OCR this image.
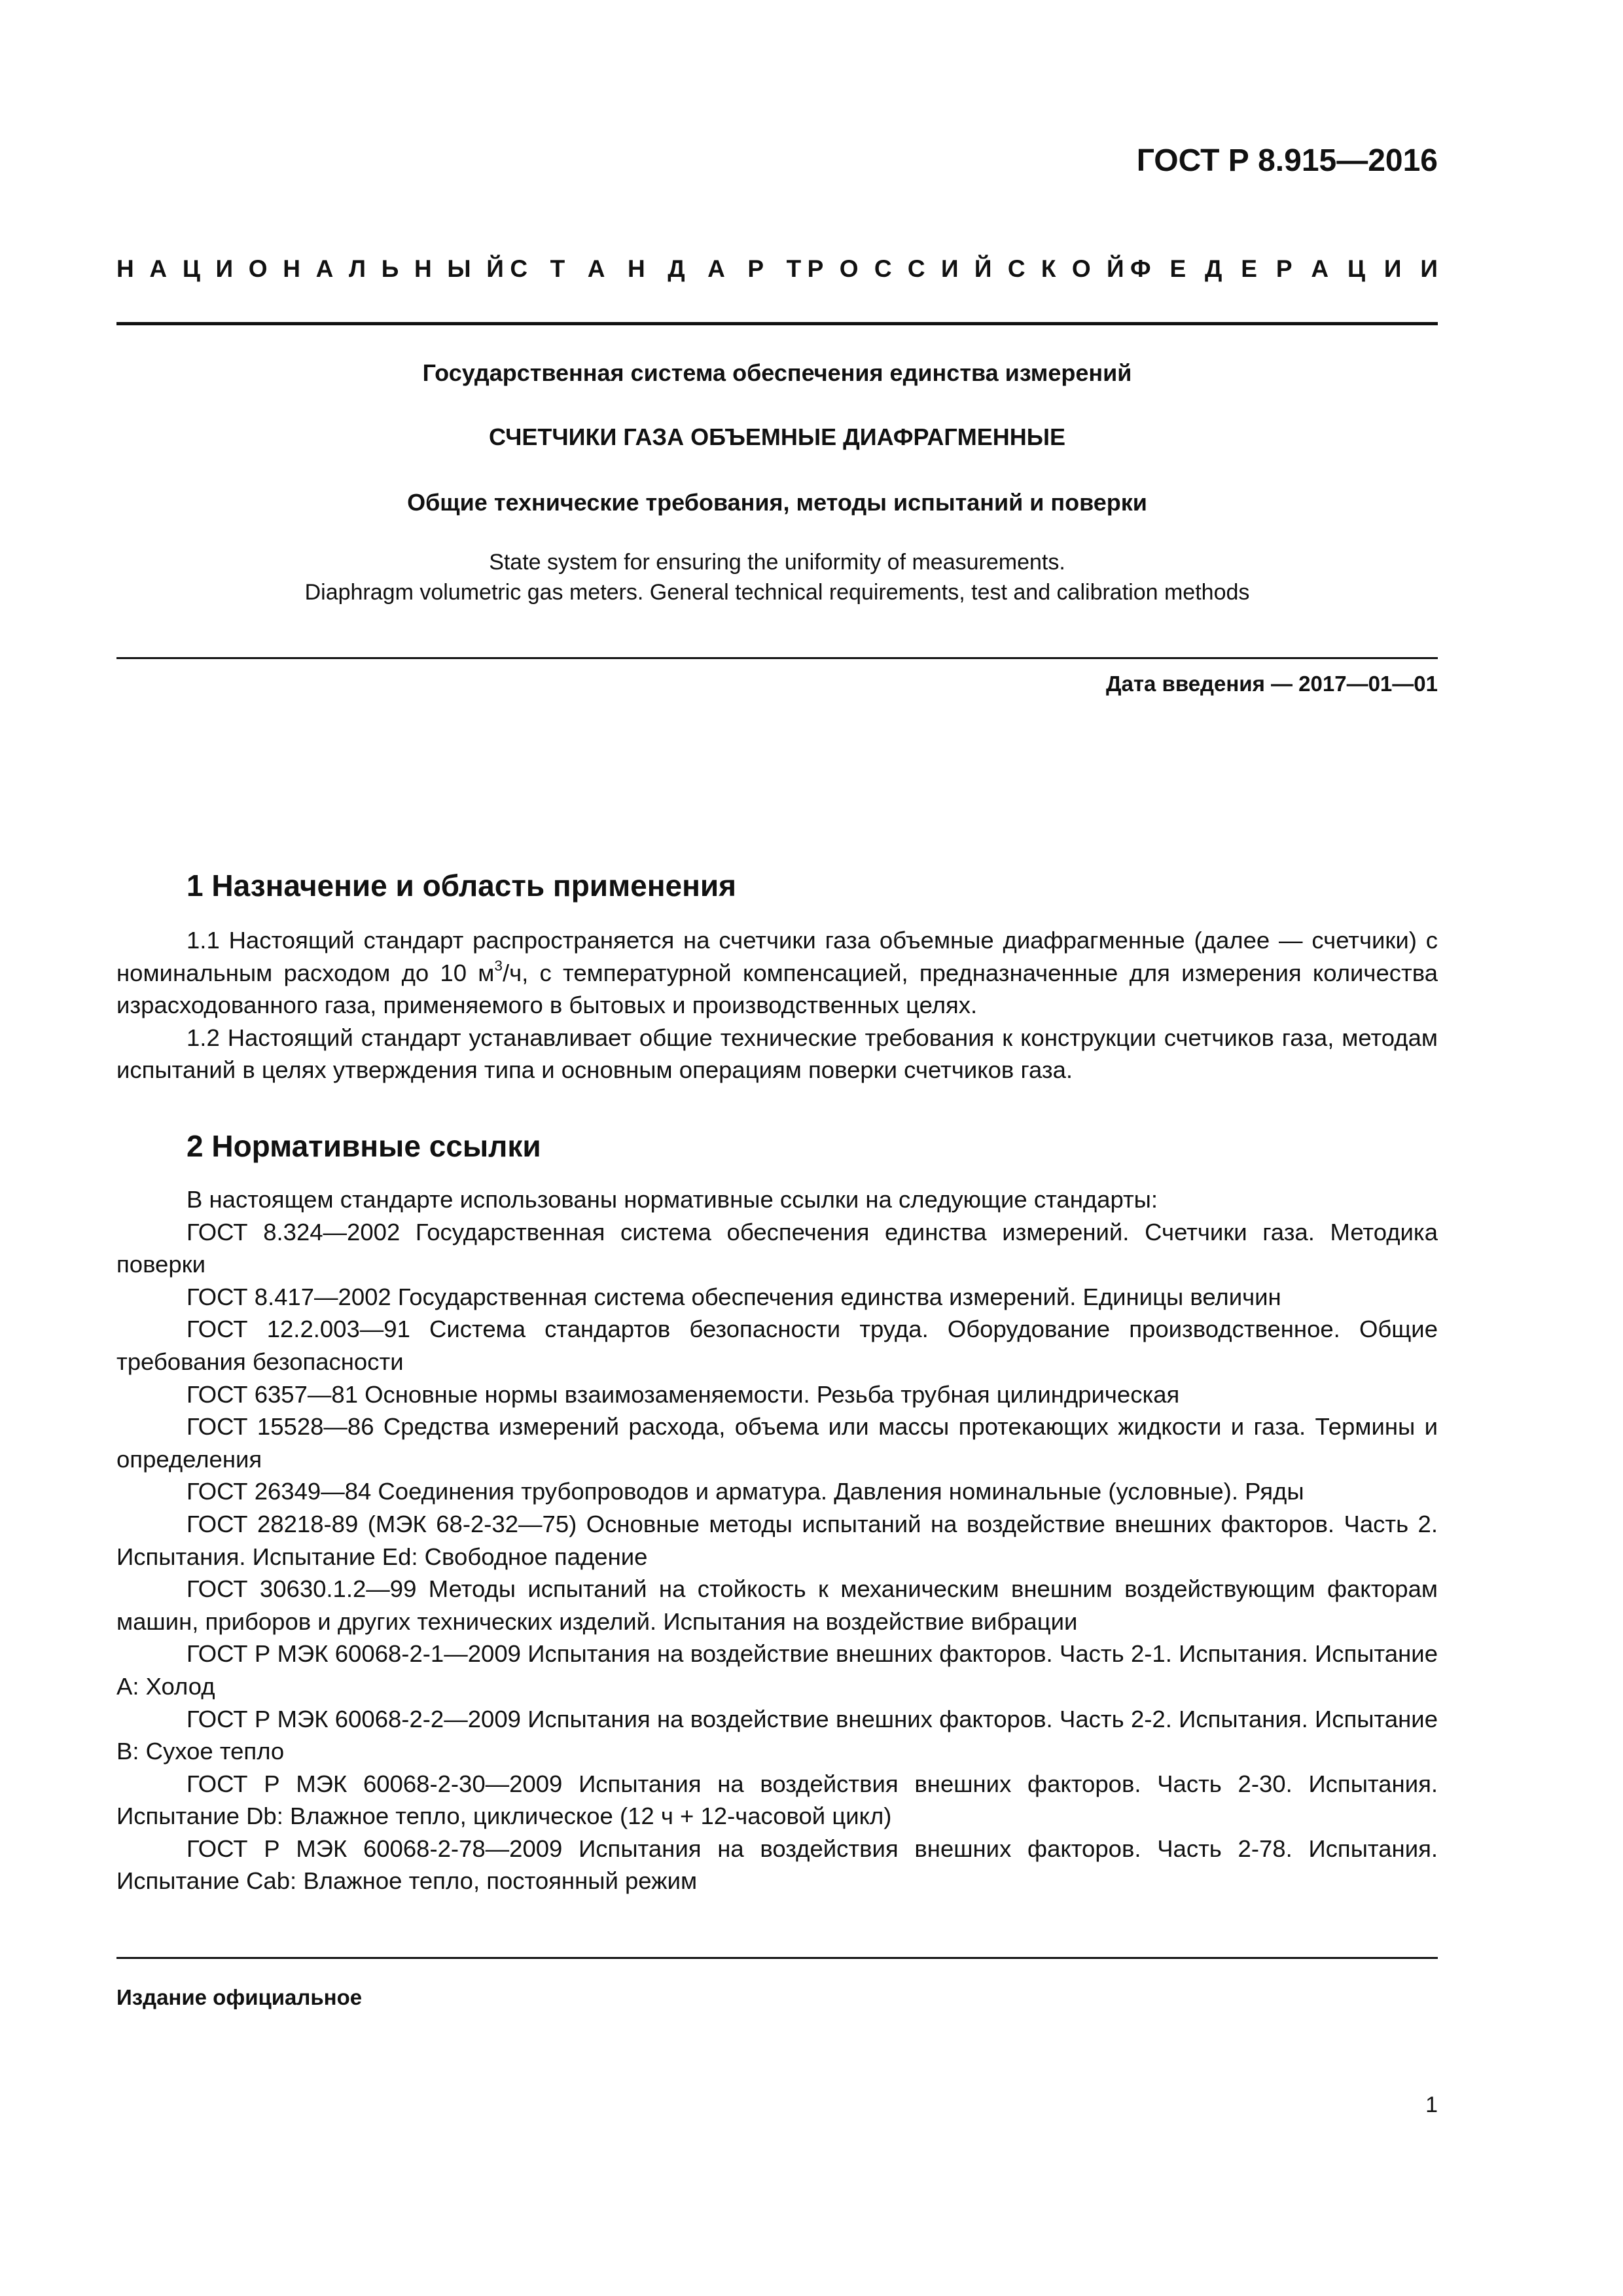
ГОСТ Р 8.915—2016
Н А Ц И О Н А Л Ь Н Ы Й С Т А Н Д А Р Т Р О С С И Й С К О Й Ф Е Д Е Р А Ц И И
Государственная система обеспечения единства измерений
СЧЕТЧИКИ ГАЗА ОБЪЕМНЫЕ ДИАФРАГМЕННЫЕ
Общие технические требования, методы испытаний и поверки
State system for ensuring the uniformity of measurements.
Diaphragm volumetric gas meters. General technical requirements, test and calibration methods
Дата введения — 2017—01—01
1 Назначение и область применения

1.1 Настоящий стандарт распространяется на счетчики газа объемные диафрагменные (далее — счетчики) с номинальным расходом до 10 $м^3/ч$, с температурной компенсацией, предназначенные для измерения количества израсходованного газа, применяемого в бытовых и производственных целях.

1.2 Настоящий стандарт устанавливает общие технические требования к конструкции счетчиков газа, методам испытаний в целях утверждения типа и основным операциям поверки счетчиков газа.

2 Нормативные ссылки

В настоящем стандарте использованы нормативные ссылки на следующие стандарты:

ГОСТ 8.324—2002 Государственная система обеспечения единства измерений. Счетчики газа. Методика поверки

ГОСТ 8.417—2002 Государственная система обеспечения единства измерений. Единицы величин

ГОСТ 12.2.003—91 Система стандартов безопасности труда. Оборудование производственное. Общие требования безопасности

ГОСТ 6357—81 Основные нормы взаимозаменяемости. Резьба трубная цилиндрическая

ГОСТ 15528—86 Средства измерений расхода, объема или массы протекающих жидкости и газа. Термины и определения

ГОСТ 26349—84 Соединения трубопроводов и арматура. Давления номинальные (условные). Ряды

ГОСТ 28218-89 (МЭК 68-2-32—75) Основные методы испытаний на воздействие внешних факторов. Часть 2. Испытания. Испытание Ed: Свободное падение

ГОСТ 30630.1.2—99 Методы испытаний на стойкость к механическим внешним воздействующим факторам машин, приборов и других технических изделий. Испытания на воздействие вибрации

ГОСТ Р МЭК 60068-2-1—2009 Испытания на воздействие внешних факторов. Часть 2-1. Испытания. Испытание А: Холод

ГОСТ Р МЭК 60068-2-2—2009 Испытания на воздействие внешних факторов. Часть 2-2. Испытания. Испытание В: Сухое тепло

ГОСТ Р МЭК 60068-2-30—2009 Испытания на воздействия внешних факторов. Часть 2-30. Испытания. Испытание Db: Влажное тепло, циклическое (12 ч + 12-часовой цикл)

ГОСТ Р МЭК 60068-2-78—2009 Испытания на воздействия внешних факторов. Часть 2-78. Испытания. Испытание Cab: Влажное тепло, постоянный режим

Издание официальное
1
